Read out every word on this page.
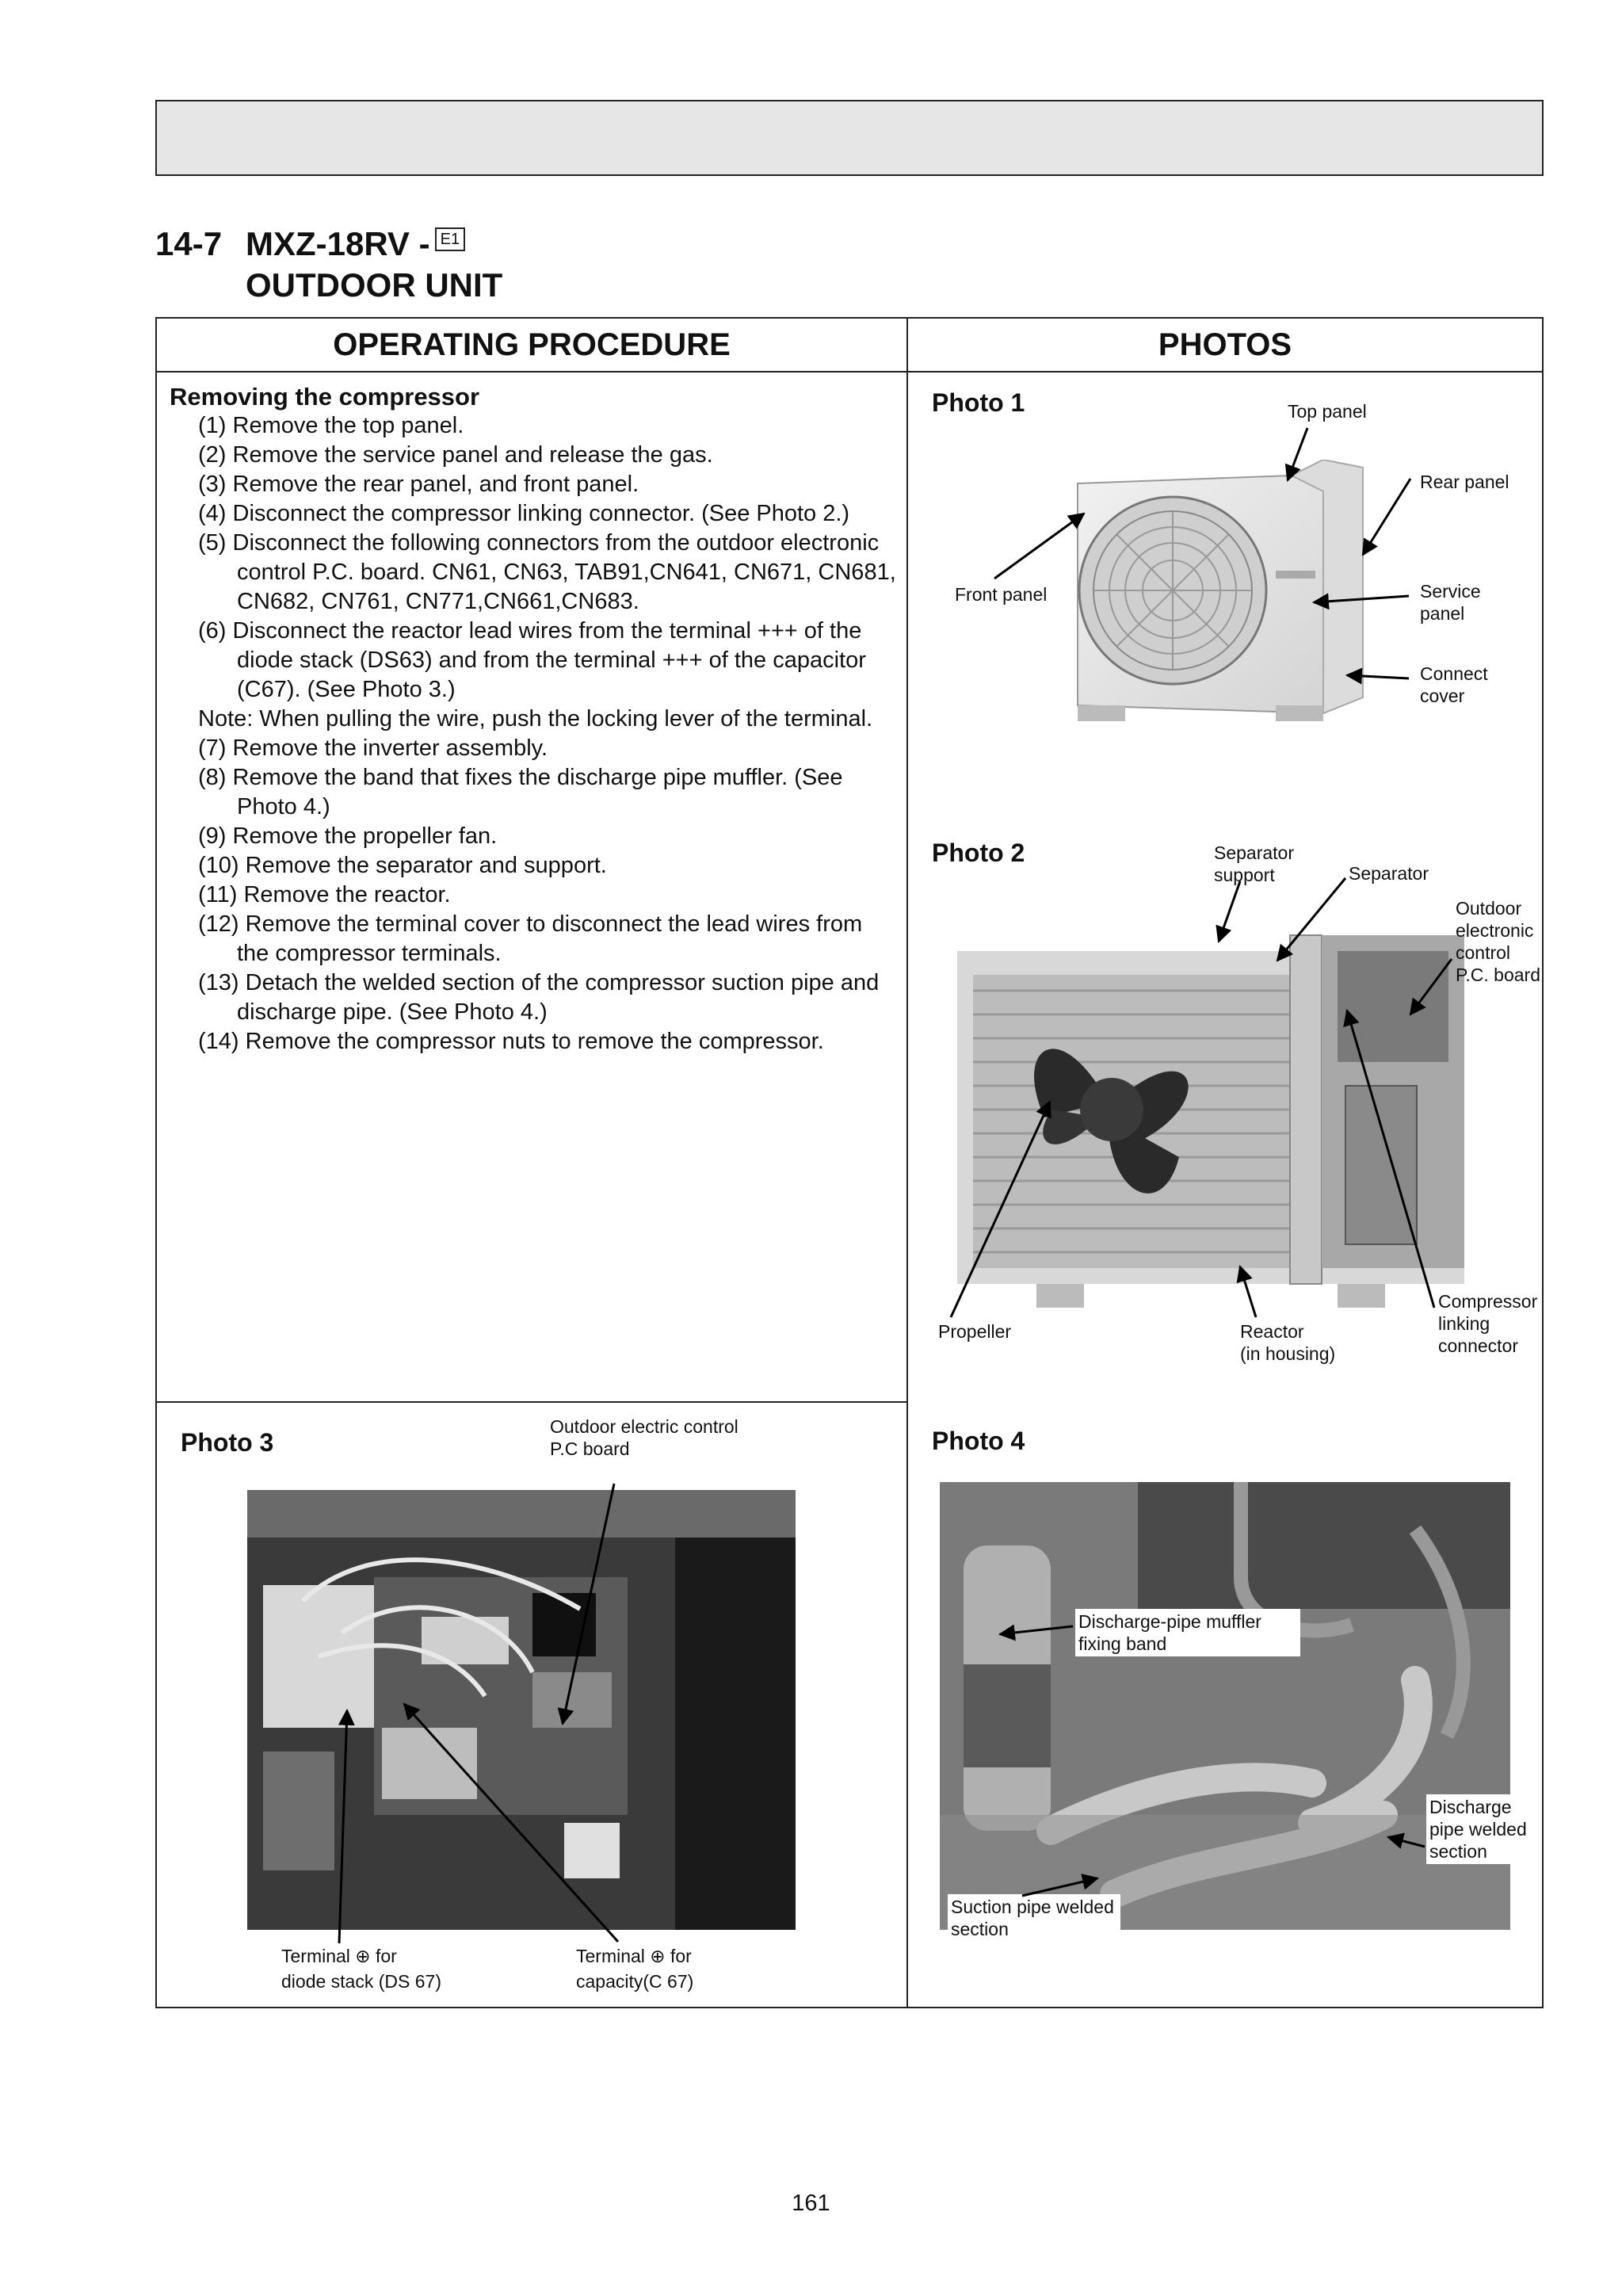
14-7 MXZ-18RV - E1
OUTDOOR UNIT
OPERATING PROCEDURE	PHOTOS
Removing the compressor
(1) Remove the top panel.
(2) Remove the service panel and release the gas.
(3) Remove the rear panel, and front panel.
(4) Disconnect the compressor linking connector. (See Photo 2.)
(5) Disconnect the following connectors from the outdoor electronic control P.C. board. CN61, CN63, TAB91,CN641, CN671, CN681, CN682, CN761, CN771,CN661,CN683.
(6) Disconnect the reactor lead wires from the terminal +++ of the diode stack (DS63) and from the terminal +++ of the capacitor (C67). (See Photo 3.)
Note: When pulling the wire, push the locking lever of the terminal.
(7) Remove the inverter assembly.
(8) Remove the band that fixes the discharge pipe muffler. (See Photo 4.)
(9) Remove the propeller fan.
(10) Remove the separator and support.
(11) Remove the reactor.
(12) Remove the terminal cover to disconnect the lead wires from the compressor terminals.
(13) Detach the welded section of the compressor suction pipe and discharge pipe. (See Photo 4.)
(14) Remove the compressor nuts to remove the compressor.
Photo 1	Top panel
Rear panel
Front panel	Service panel
Connect cover
Photo 2	Separator support	Separator
Outdoor electronic control P.C. board
Propeller	Reactor
(in housing)
Compressor linking connector
Photo 3
Outdoor electric control P.C board
Terminal ⊕ for
diode stack (DS 67)
Terminal ⊕ for
capacity(C 67)
Photo 4
Discharge-pipe muffler fixing band
Discharge pipe welded section
Suction pipe welded section
161
